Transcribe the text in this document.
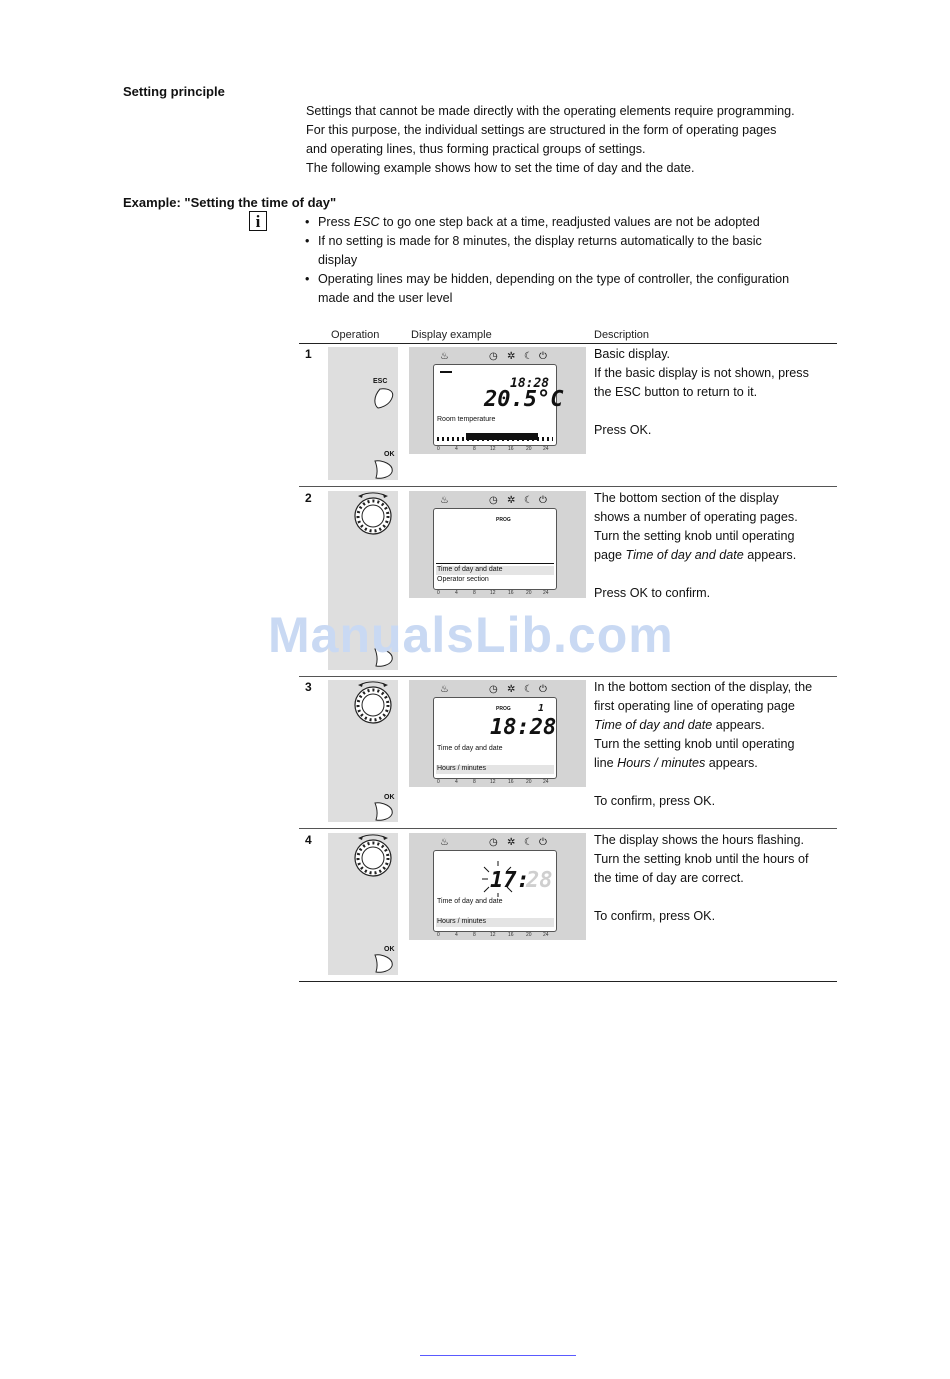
Setting principle

Settings that cannot be made directly with the operating elements require programming.

For this purpose, the individual settings are structured in the form of operating pages

and operating lines, thus forming practical groups of settings.

The following example shows how to set the time of day and the date.

Example: "Setting the time of day"
i
•	Press ESC to go one step back at a time, readjusted values are not be adopted
• If no setting is made for 8 minutes, the display returns automatically to the basic
display
• Operating lines may be hidden, depending on the type of controller, the configuration
made and the user level
Operation	Display example	Description
1
ESC
OK
♨	◷ ✲ ☾ ⏻
18:28
20.5°C
Room temperature
0	4	8	12 16 20 24

Basic display.

If the basic display is not shown, press

the ESC button to return to it.

Press OK.

2	♨	◷ ✲ ☾ ⏻
PROG
Time of day and date
Operator section
0	4	8	12 16 20 24

The bottom section of the display

shows a number of operating pages.

Turn the setting knob until operating

page Time of day and date appears.

Press OK to confirm.

ManualsLib.com
3
OK
♨	◷ ✲ ☾ ⏻
PROG	1
18:28
Time of day and date
Hours / minutes
0	4	8	12 16 20 24

In the bottom section of the display, the

first operating line of operating page

Time of day and date appears.

Turn the setting knob until operating

line Hours / minutes appears.

To confirm, press OK.

4
OK
♨	◷ ✲ ☾ ⏻
17:
28
Time of day and date
Hours / minutes
0	4	8	12 16 20 24

The display shows the hours flashing.

Turn the setting knob until the hours of

the time of day are correct.

To confirm, press OK.
